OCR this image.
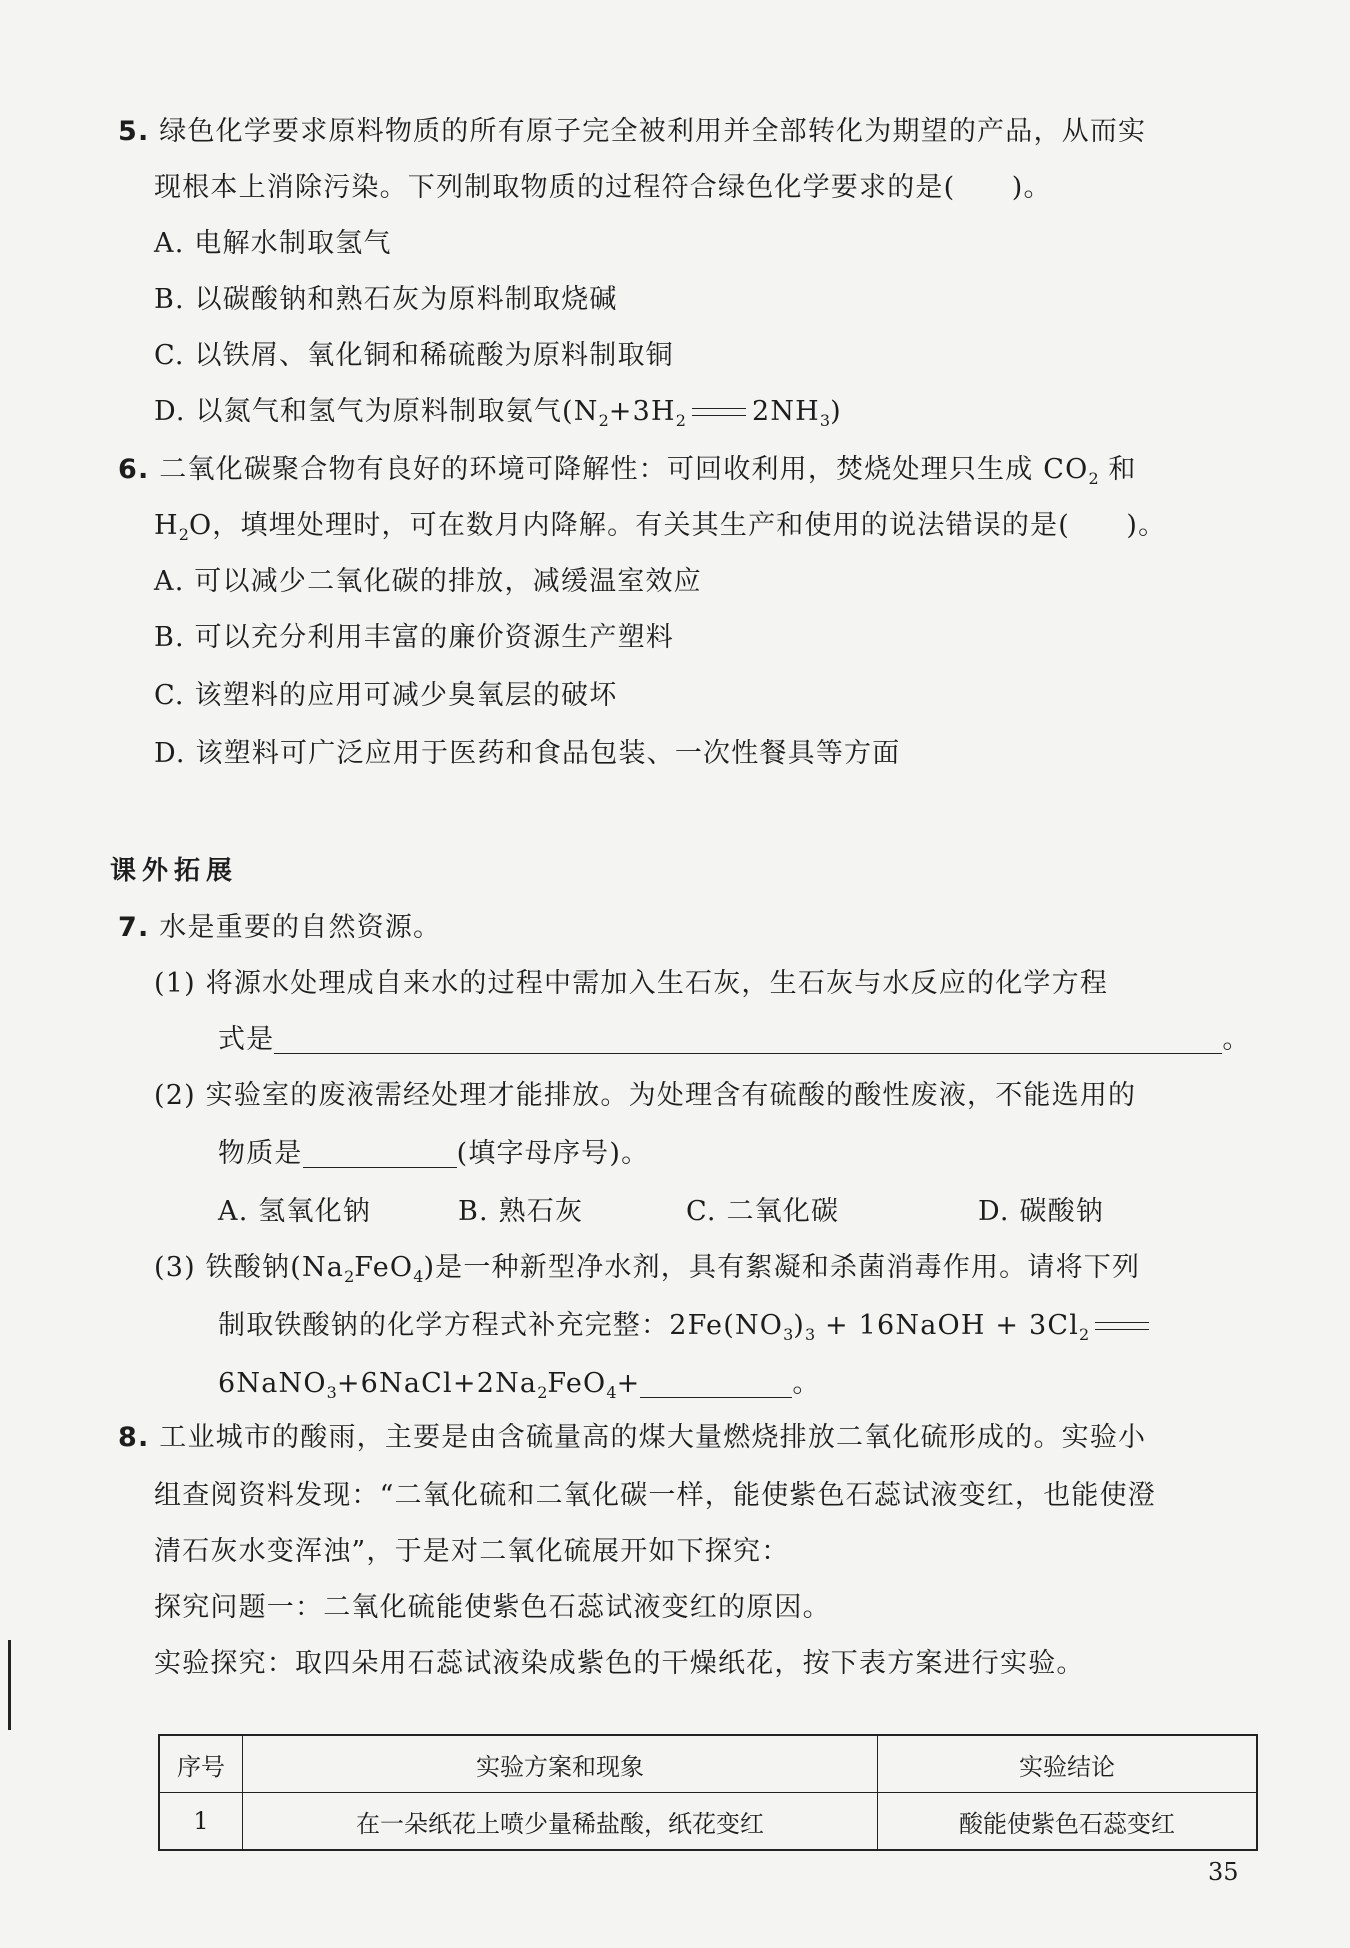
5. 绿色化学要求原料物质的所有原子完全被利用并全部转化为期望的产品，从而实
现根本上消除污染。下列制取物质的过程符合绿色化学要求的是(　　)。
A. 电解水制取氢气
B. 以碳酸钠和熟石灰为原料制取烧碱
C. 以铁屑、氧化铜和稀硫酸为原料制取铜
D. 以氮气和氢气为原料制取氨气($N_2+3H_2$ $2NH_3$)
6. 二氧化碳聚合物有良好的环境可降解性：可回收利用，焚烧处理只生成 $CO_2$ 和
$H_2O$，填埋处理时，可在数月内降解。有关其生产和使用的说法错误的是(　　)。
A. 可以减少二氧化碳的排放，减缓温室效应
B. 可以充分利用丰富的廉价资源生产塑料
C. 该塑料的应用可减少臭氧层的破坏
D. 该塑料可广泛应用于医药和食品包装、一次性餐具等方面
课外拓展
7. 水是重要的自然资源。
(1) 将源水处理成自来水的过程中需加入生石灰，生石灰与水反应的化学方程
式是	。
(2) 实验室的废液需经处理才能排放。为处理含有硫酸的酸性废液，不能选用的
物质是	(填字母序号)。
A. 氢氧化钠	B. 熟石灰	C. 二氧化碳	D. 碳酸钠
(3) 铁酸钠$(Na_2FeO_4)$是一种新型净水剂，具有絮凝和杀菌消毒作用。请将下列
制取铁酸钠的化学方程式补充完整：$2Fe(NO_3)_3$ + 16NaOH + $3Cl_2$
$6NaNO_3+6NaCl+2Na_2FeO_4+$	。
8. 工业城市的酸雨，主要是由含硫量高的煤大量燃烧排放二氧化硫形成的。实验小
组查阅资料发现：“二氧化硫和二氧化碳一样，能使紫色石蕊试液变红，也能使澄
清石灰水变浑浊”，于是对二氧化硫展开如下探究：
探究问题一：二氧化硫能使紫色石蕊试液变红的原因。
实验探究：取四朵用石蕊试液染成紫色的干燥纸花，按下表方案进行实验。
序号	实验方案和现象	实验结论
1	在一朵纸花上喷少量稀盐酸，纸花变红	酸能使紫色石蕊变红
35
